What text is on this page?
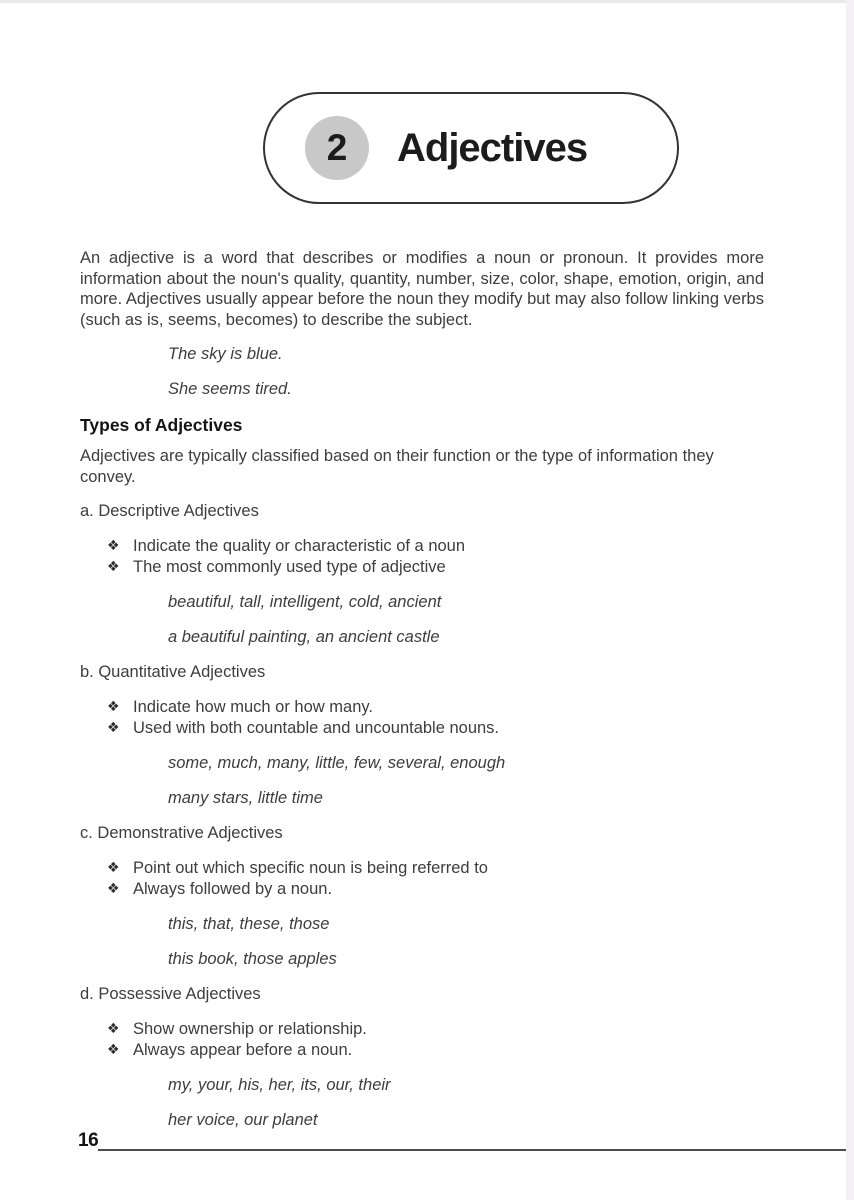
2 Adjectives

An adjective is a word that describes or modifies a noun or pronoun. It provides more information about the noun's quality, quantity, number, size, color, shape, emotion, origin, and more. Adjectives usually appear before the noun they modify but may also follow linking verbs (such as is, seems, becomes) to describe the subject.

The sky is blue.

She seems tired.

Types of Adjectives

Adjectives are typically classified based on their function or the type of information they convey.

a. Descriptive Adjectives

❖ Indicate the quality or characteristic of a noun
❖ The most commonly used type of adjective

beautiful, tall, intelligent, cold, ancient

a beautiful painting, an ancient castle

b. Quantitative Adjectives

❖ Indicate how much or how many.
❖ Used with both countable and uncountable nouns.

some, much, many, little, few, several, enough

many stars, little time

c. Demonstrative Adjectives

❖ Point out which specific noun is being referred to
❖ Always followed by a noun.

this, that, these, those

this book, those apples

d. Possessive Adjectives

❖ Show ownership or relationship.
❖ Always appear before a noun.

my, your, his, her, its, our, their

her voice, our planet

16
